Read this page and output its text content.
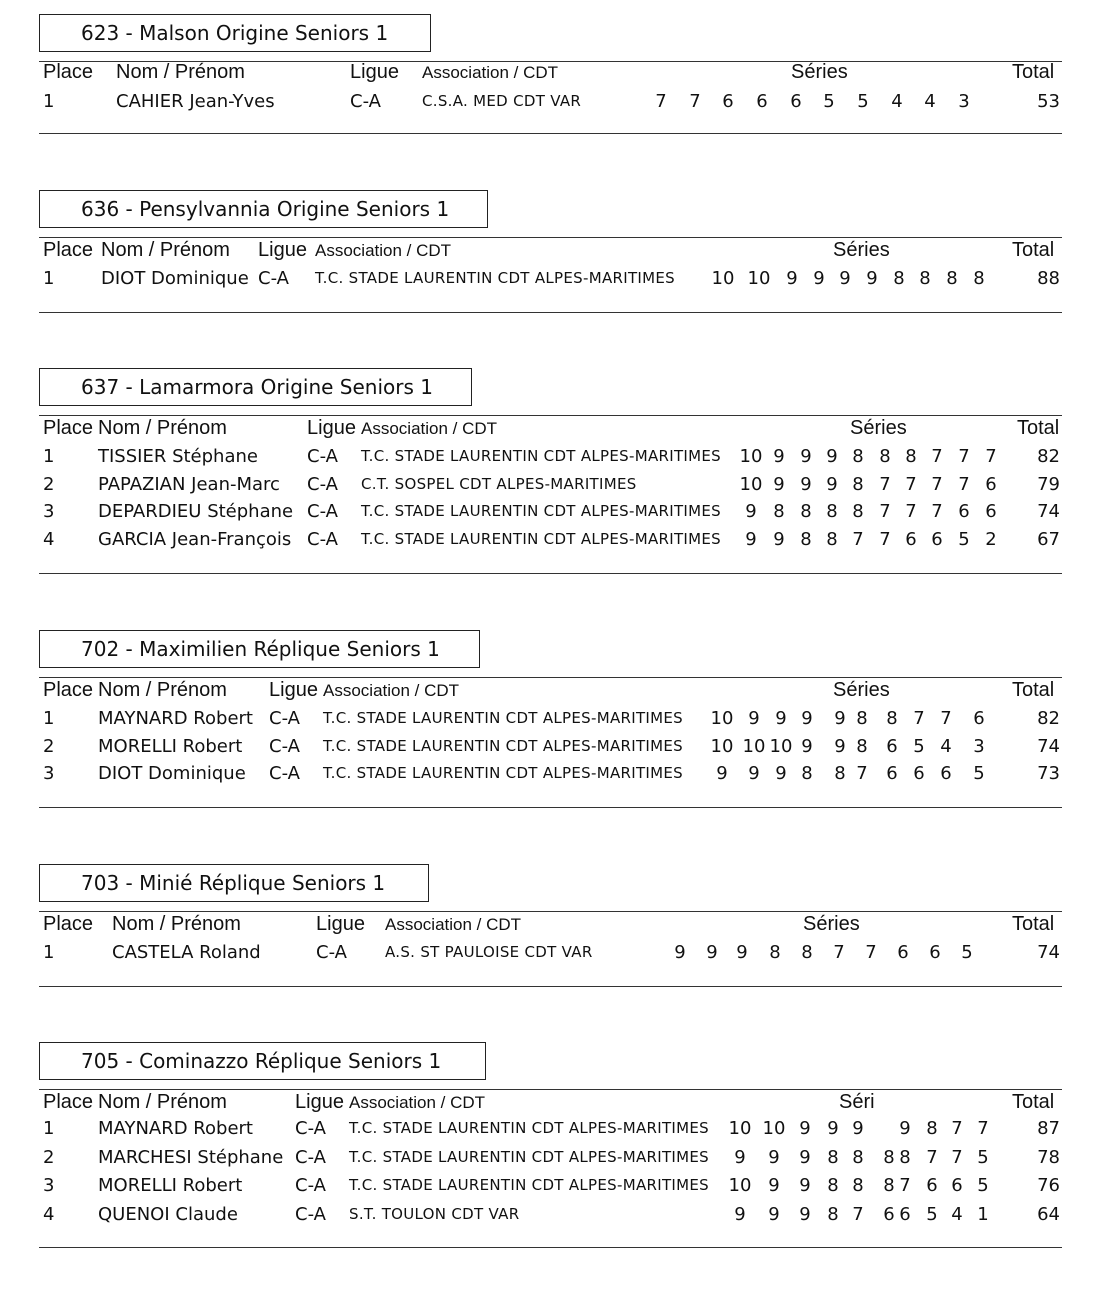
623 - Malson Origine Seniors 1
Place Nom / Prénom	Ligue Association / CDT	Séries	Total
1	CAHIER Jean-Yves	C-A	C.S.A. MED CDT VAR	7	7	6	6	6	5	5	4	4	3	53
636 - Pensylvannia Origine Seniors 1
Place Nom / Prénom Ligue Association / CDT	Séries	Total
1	DIOT Dominique C-A T.C. STADE LAURENTIN CDT ALPES-MARITIMES 10 10 9 9 9 9 8 8 8 8	88
637 - Lamarmora Origine Seniors 1
Place Nom / Prénom	Ligue Association / CDT	Séries	Total
1 TISSIER Stéphane	C-A T.C. STADE LAURENTIN CDT ALPES-MARITIMES 10 9 9 9 8 8 8 7 7 7	82
2 PAPAZIAN Jean-Marc C-A C.T. SOSPEL CDT ALPES-MARITIMES	10 9 9 9 8 7 7 7 7 6	79
3 DEPARDIEU Stéphane C-A T.C. STADE LAURENTIN CDT ALPES-MARITIMES	9 8 8 8 8 7 7 7 6 6	74
4 GARCIA Jean-François C-A T.C. STADE LAURENTIN CDT ALPES-MARITIMES	9 9 8 8 7 7 6 6 5 2	67
702 - Maximilien Réplique Seniors 1
Place Nom / Prénom Ligue Association / CDT	Séries	Total
1 MAYNARD Robert C-A T.C. STADE LAURENTIN CDT ALPES-MARITIMES 10 9 9 9	9 8	8 7 7	6	82
2 MORELLI Robert C-A T.C. STADE LAURENTIN CDT ALPES-MARITIMES 10 10 10 9	9 8	6 5 4	3	74
3 DIOT Dominique C-A T.C. STADE LAURENTIN CDT ALPES-MARITIMES	9	9 9 8	8 7	6 6 6	5	73
703 - Minié Réplique Seniors 1
Place Nom / Prénom	Ligue Association / CDT	Séries	Total
1	CASTELA Roland	C-A	A.S. ST PAULOISE CDT VAR	9	9	9	8	8	7	7	6	6	5	74
705 - Cominazzo Réplique Seniors 1
Place Nom / Prénom	Ligue Association / CDT	Séri	Total
1 MAYNARD Robert C-A T.C. STADE LAURENTIN CDT ALPES-MARITIMES 10 10 9 9 9	9 8 7 7	87
2 MARCHESI Stéphane C-A T.C. STADE LAURENTIN CDT ALPES-MARITIMES	9	9	9 8 8	8 8 7 7 5	78
3 MORELLI Robert	C-A T.C. STADE LAURENTIN CDT ALPES-MARITIMES 10 9	9 8 8	8 7 6 6 5	76
4 QUENOI Claude	C-A S.T. TOULON CDT VAR	9	9	9 8 7	6 6 5 4 1	64
